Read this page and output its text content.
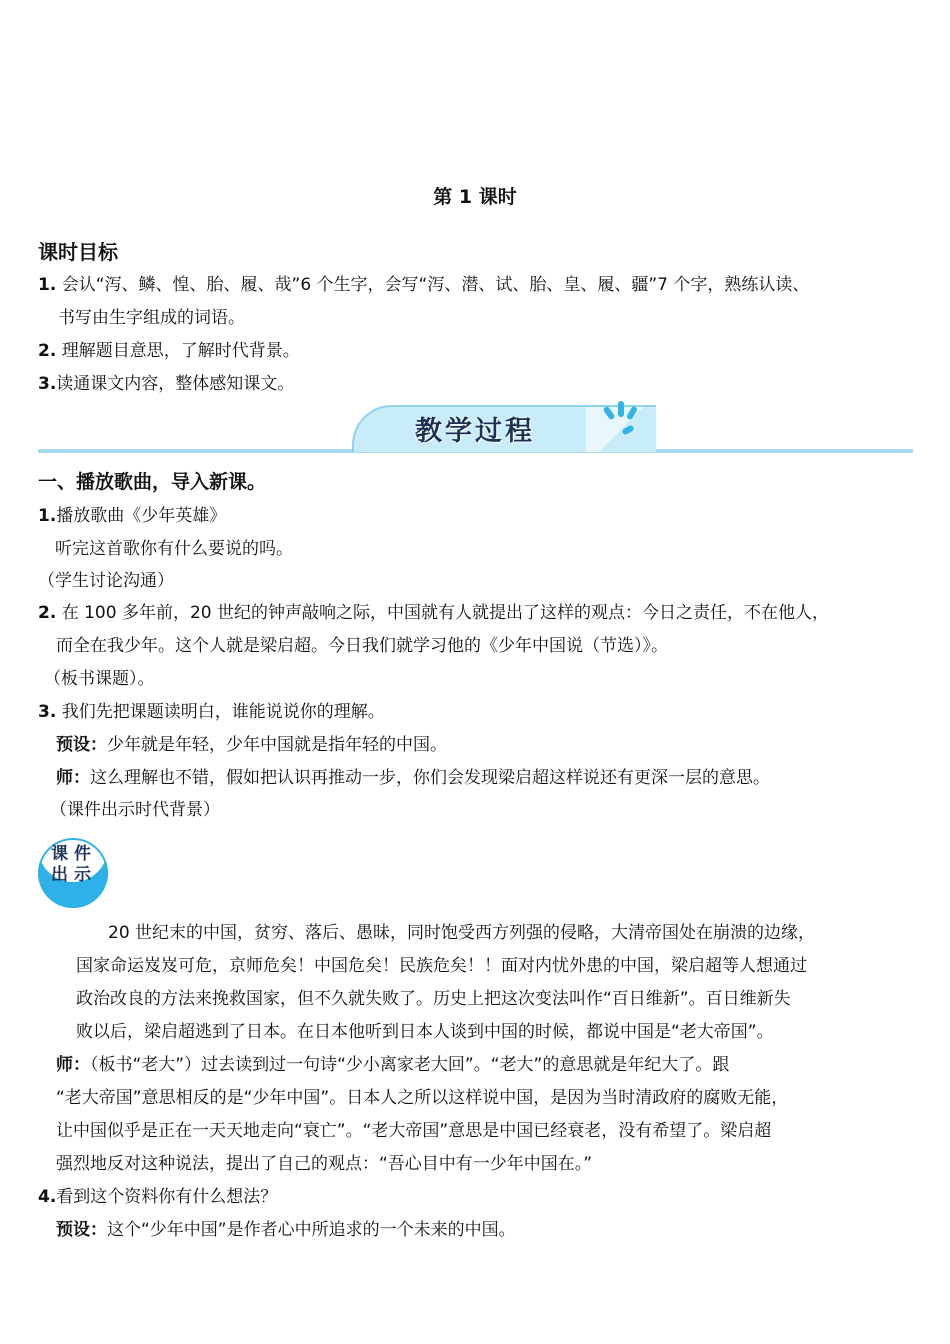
第 1 课时
课时目标
1. 会认“泻、鳞、惶、胎、履、哉”6 个生字，会写“泻、潜、试、胎、皇、履、疆”7 个字，熟练认读、
书写由生字组成的词语。
2. 理解题目意思，了解时代背景。
3.读通课文内容，整体感知课文。
教学过程
一、播放歌曲，导入新课。
1.播放歌曲《少年英雄》
听完这首歌你有什么要说的吗。
（学生讨论沟通）
2. 在 100 多年前，20 世纪的钟声敲响之际，中国就有人就提出了这样的观点：今日之责任，不在他人，
而全在我少年。这个人就是梁启超。今日我们就学习他的《少年中国说（节选）》。
（板书课题）。
3. 我们先把课题读明白，谁能说说你的理解。
预设：少年就是年轻，少年中国就是指年轻的中国。
师：这么理解也不错，假如把认识再推动一步，你们会发现梁启超这样说还有更深一层的意思。
（课件出示时代背景）
课件
出示
20 世纪末的中国，贫穷、落后、愚昧，同时饱受西方列强的侵略，大清帝国处在崩溃的边缘，
国家命运岌岌可危，京师危矣！中国危矣！民族危矣！！面对内忧外患的中国，梁启超等人想通过
政治改良的方法来挽救国家，但不久就失败了。历史上把这次变法叫作“百日维新”。百日维新失
败以后，梁启超逃到了日本。在日本他听到日本人谈到中国的时候，都说中国是“老大帝国”。
师：（板书“老大”）过去读到过一句诗“少小离家老大回”。“老大”的意思就是年纪大了。跟
“老大帝国”意思相反的是“少年中国”。日本人之所以这样说中国，是因为当时清政府的腐败无能，
让中国似乎是正在一天天地走向“衰亡”。“老大帝国”意思是中国已经衰老，没有希望了。梁启超
强烈地反对这种说法，提出了自己的观点：“吾心目中有一少年中国在。”
4.看到这个资料你有什么想法？
预设：这个“少年中国”是作者心中所追求的一个未来的中国。
